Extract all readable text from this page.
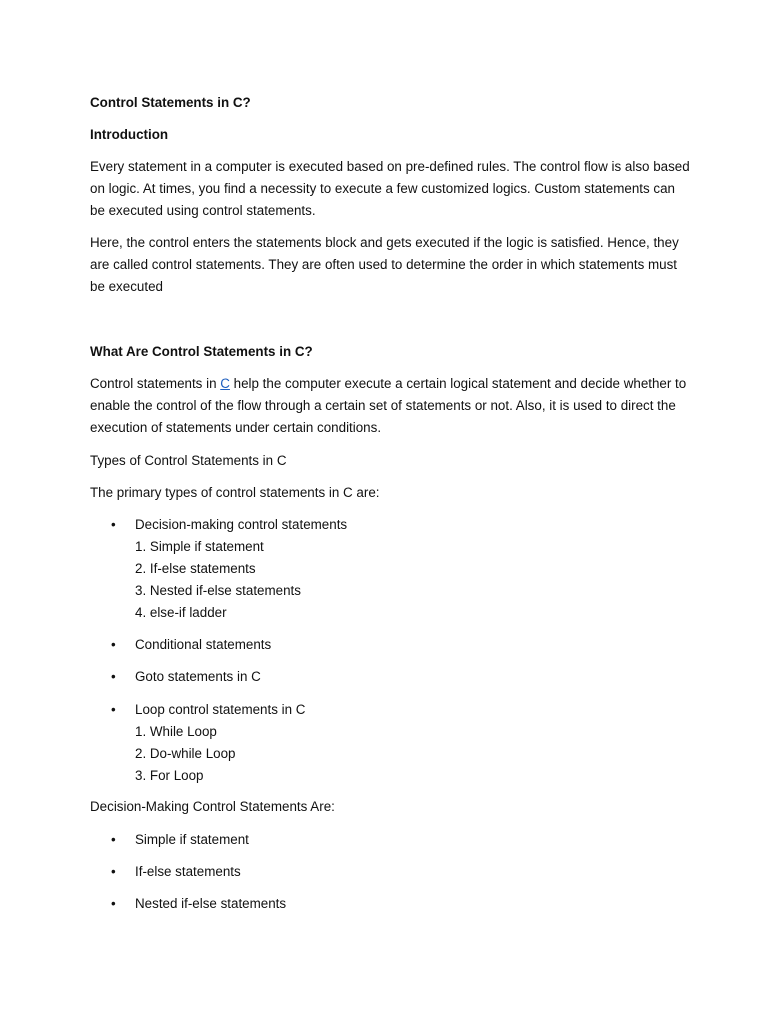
Control Statements in C?

Introduction

Every statement in a computer is executed based on pre-defined rules. The control flow is also based on logic. At times, you find a necessity to execute a few customized logics. Custom statements can be executed using control statements.

Here, the control enters the statements block and gets executed if the logic is satisfied. Hence, they are called control statements. They are often used to determine the order in which statements must be executed

What Are Control Statements in C?

Control statements in C help the computer execute a certain logical statement and decide whether to enable the control of the flow through a certain set of statements or not. Also, it is used to direct the execution of statements under certain conditions.

Types of Control Statements in C

The primary types of control statements in C are:

• Decision-making control statements
1. Simple if statement
2. If-else statements
3. Nested if-else statements
4. else-if ladder
• Conditional statements
• Goto statements in C
• Loop control statements in C
1. While Loop
2. Do-while Loop
3. For Loop

Decision-Making Control Statements Are:

• Simple if statement
• If-else statements
• Nested if-else statements
